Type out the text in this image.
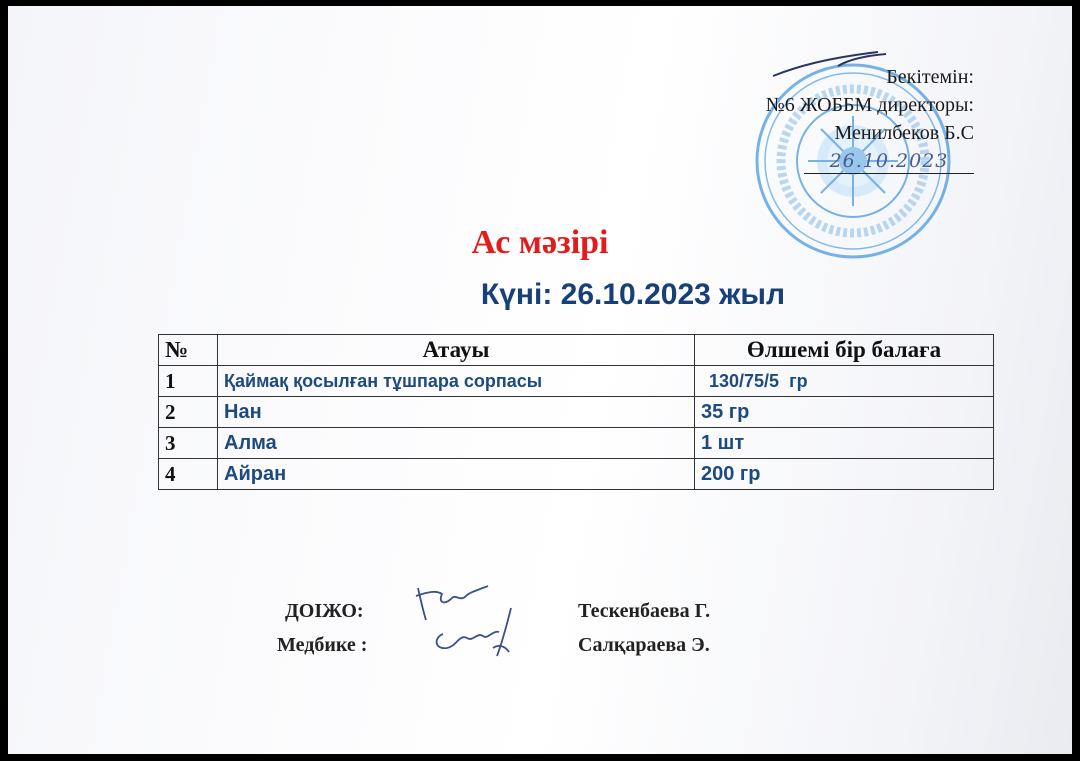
Бекітемін:
№6 ЖОББМ директоры:
Менилбеков Б.С
26.10.2023
Ас мәзірі
Күні: 26.10.2023 жыл
№	Атауы	Өлшемі бір балаға
1	Қаймақ қосылған тұшпара сорпасы	130/75/5  гр
2	Нан	35 гр
3	Алма	1 шт
4	Айран	200 гр
ДОІЖО:	Тескенбаева Г.
Медбике :	Салқараева Э.
